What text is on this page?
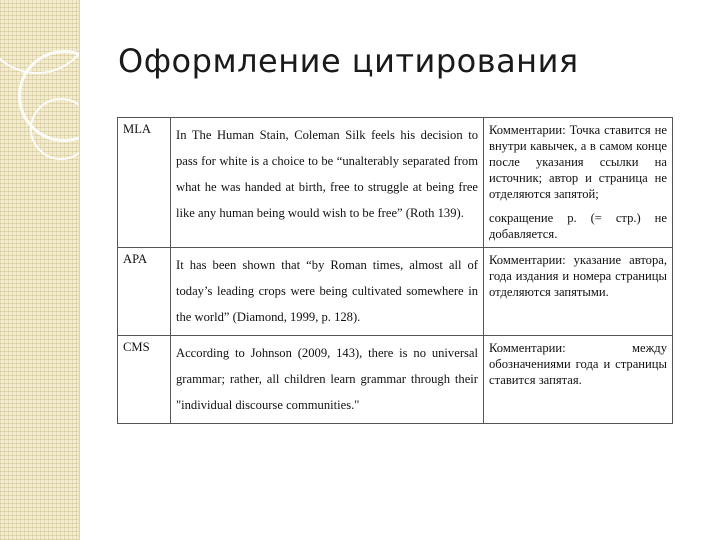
Оформление цитирования
MLA	In The Human Stain, Coleman Silk feels his decision to pass for white is a choice to be “unalterably separated from what he was handed at birth, free to struggle at being free like any human being would wish to be free” (Roth 139).	Комментарии: Точка ставится не внутри кавычек, а в самом конце после указания ссылки на источник; автор и страница не отделяются запятой;
сокращение p. (= стр.) не добавляется.

APA	It has been shown that “by Roman times, almost all of today’s leading crops were being cultivated somewhere in the world” (Diamond, 1999, p. 128).	Комментарии: указание автора, года издания и номера страницы отделяются запятыми.

CMS	According to Johnson (2009, 143), there is no universal grammar; rather, all children learn grammar through their "individual discourse communities."	Комментарии: между обозначениями года и страницы ставится запятая.
